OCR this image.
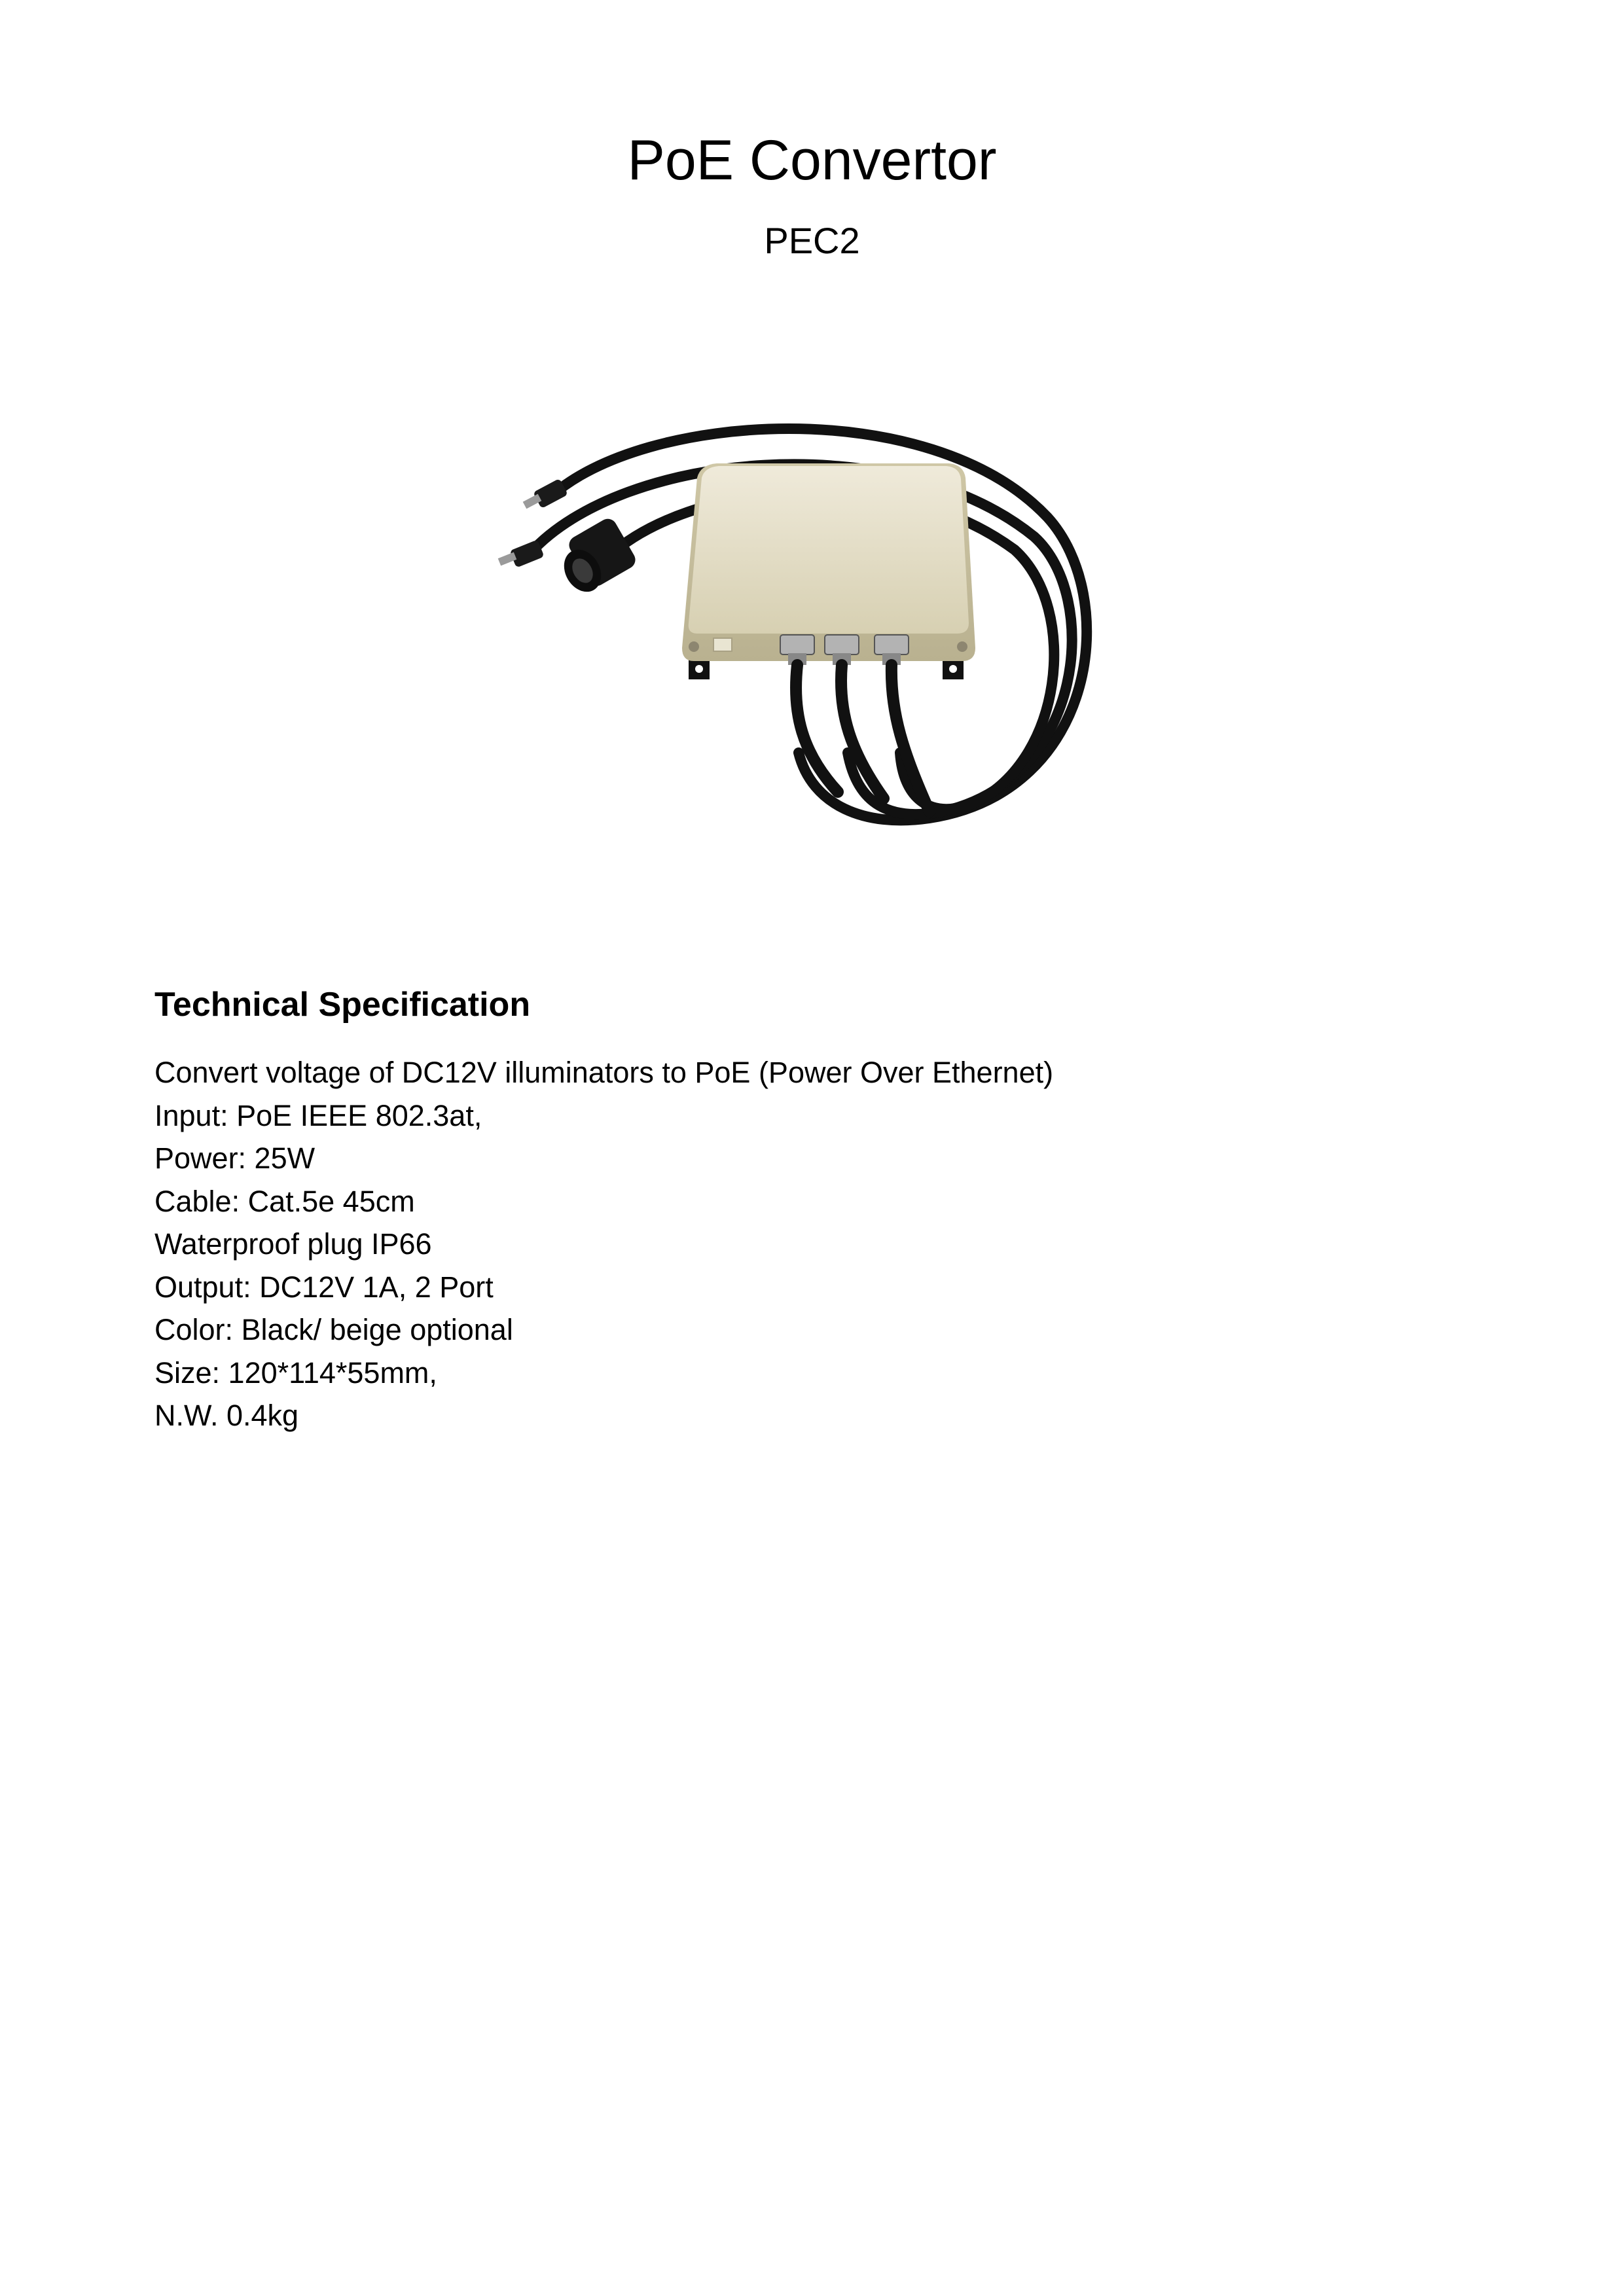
PoE Convertor

PEC2

Technical Specification
Convert voltage of DC12V illuminators to PoE (Power Over Ethernet)
Input: PoE IEEE 802.3at,
Power: 25W
Cable: Cat.5e 45cm
Waterproof plug IP66
Output: DC12V 1A, 2 Port
Color: Black/ beige optional
Size: 120*114*55mm,
N.W. 0.4kg
